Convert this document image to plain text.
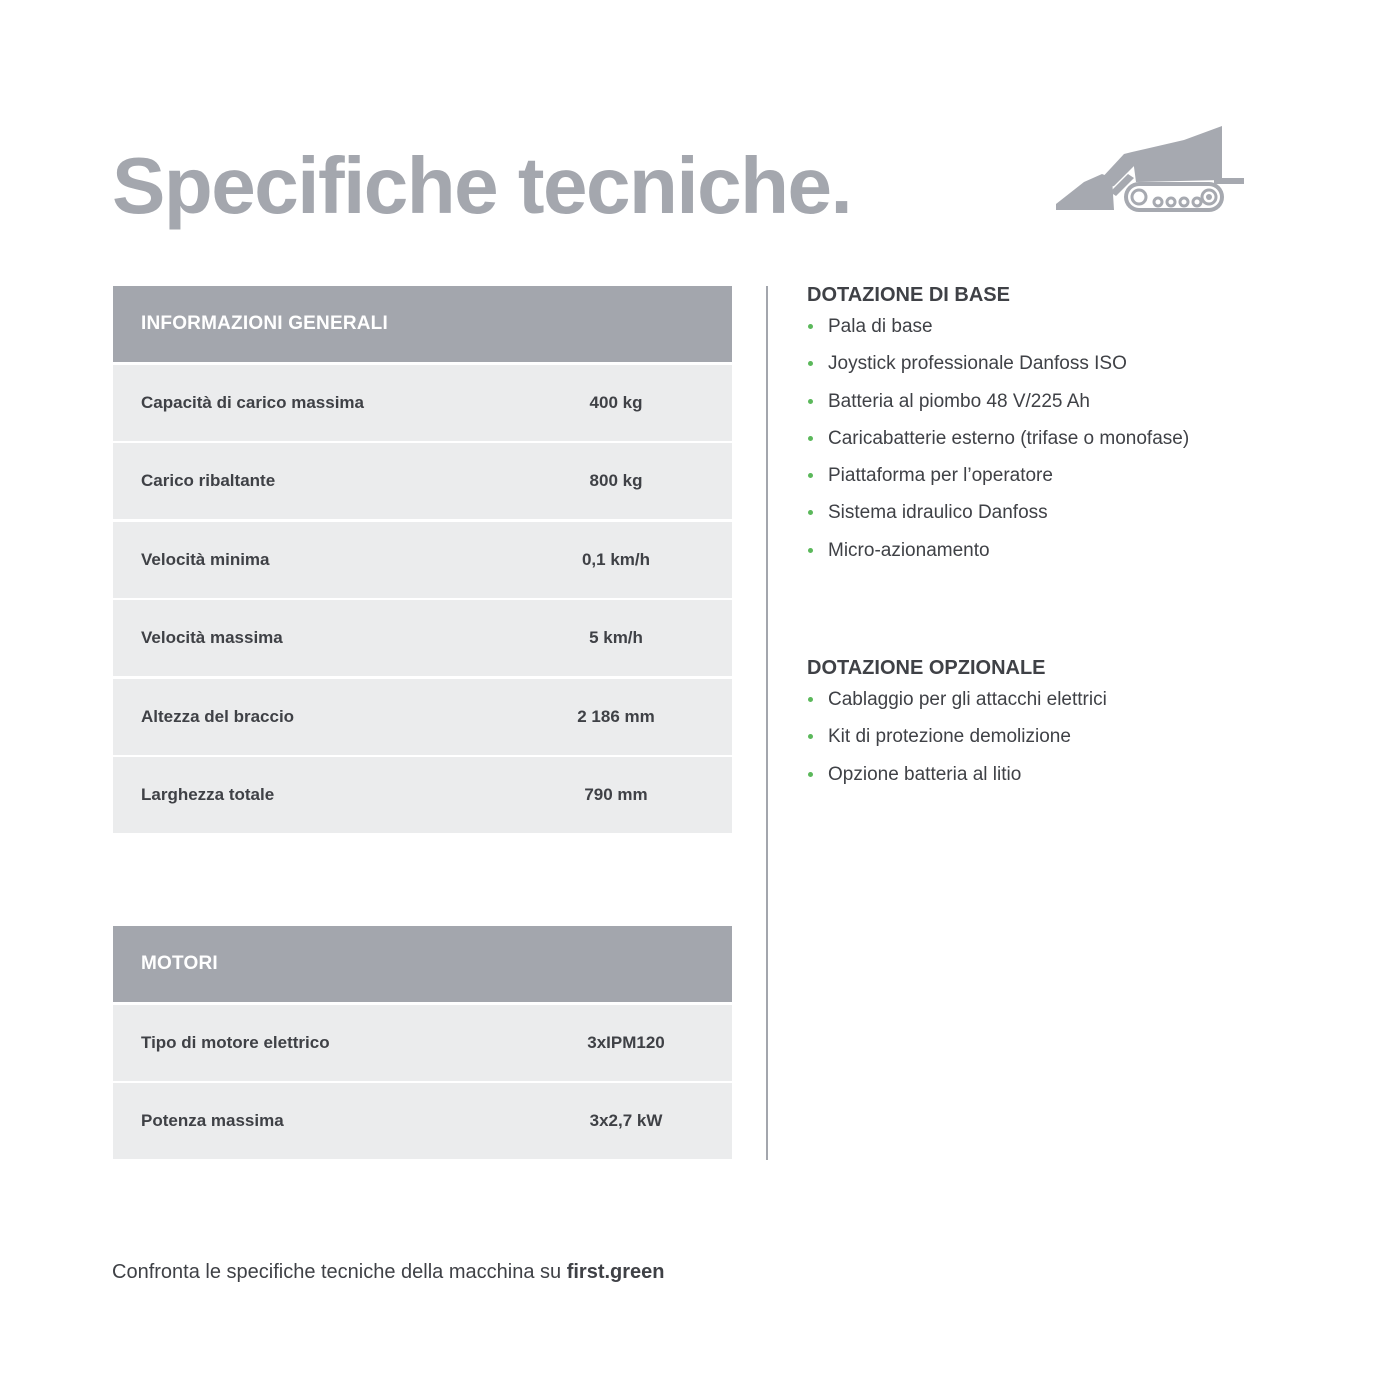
Specifiche tecniche.
INFORMAZIONI GENERALI
Capacità di carico massima	400 kg
Carico ribaltante	800 kg
Velocità minima	0,1 km/h
Velocità massima	5 km/h
Altezza del braccio	2 186 mm
Larghezza totale	790 mm
MOTORI
Tipo di motore elettrico	3xIPM120
Potenza massima	3x2,7 kW
DOTAZIONE DI BASE
Pala di base
Joystick professionale Danfoss ISO
Batteria al piombo 48 V/225 Ah
Caricabatterie esterno (trifase o monofase)
Piattaforma per l’operatore
Sistema idraulico Danfoss
Micro-azionamento
DOTAZIONE OPZIONALE
Cablaggio per gli attacchi elettrici
Kit di protezione demolizione
Opzione batteria al litio
Confronta le specifiche tecniche della macchina su first.green
